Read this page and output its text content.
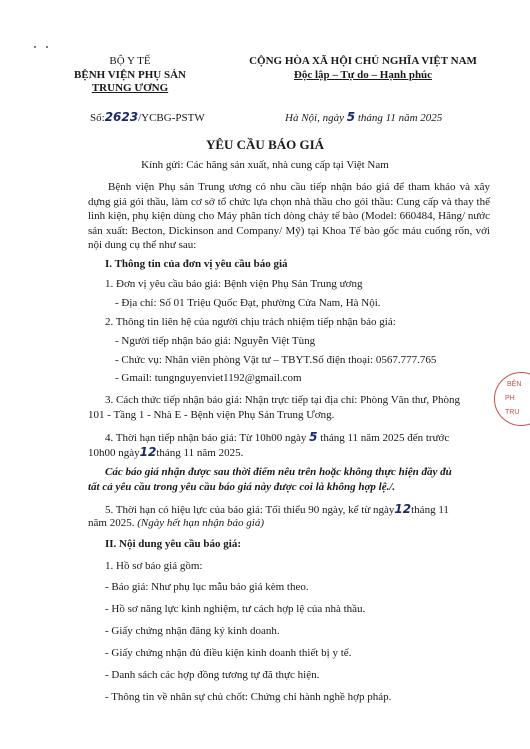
BỘ Y TẾ
BỆNH VIỆN PHỤ SẢN
TRUNG ƯƠNG
Số:2623/YCBG-PSTW
CỘNG HÒA XÃ HỘI CHỦ NGHĨA VIỆT NAM
Độc lập – Tự do – Hạnh phúc
Hà Nội, ngày 5 tháng 11 năm 2025
YÊU CẦU BÁO GIÁ
Kính gửi: Các hãng sản xuất, nhà cung cấp tại Việt Nam
Bệnh viện Phụ sản Trung ương có nhu cầu tiếp nhận báo giá để tham khảo và xây dựng giá gói thầu, làm cơ sở tổ chức lựa chọn nhà thầu cho gói thầu: Cung cấp và thay thế linh kiện, phụ kiện dùng cho Máy phân tích dòng chảy tế bào (Model: 660484, Hãng/ nước sản xuất: Becton, Dickinson and Company/ Mỹ) tại Khoa Tế bào gốc máu cuống rốn, với nội dung cụ thể như sau:
I. Thông tin của đơn vị yêu cầu báo giá
1. Đơn vị yêu cầu báo giá: Bệnh viện Phụ Sản Trung ương
- Địa chỉ: Số 01 Triệu Quốc Đạt, phường Cửa Nam, Hà Nội.
2. Thông tin liên hệ của người chịu trách nhiệm tiếp nhận báo giá:
- Người tiếp nhận báo giá: Nguyễn Việt Tùng
- Chức vụ: Nhân viên phòng Vật tư – TBYT.Số điện thoại: 0567.777.765
- Gmail: tungnguyenviet1192@gmail.com
3. Cách thức tiếp nhận báo giá: Nhận trực tiếp tại địa chỉ: Phòng Văn thư, Phòng
101 - Tầng 1 - Nhà E - Bệnh viện Phụ Sản Trung Ương.
4. Thời hạn tiếp nhận báo giá: Từ 10h00 ngày 5 tháng 11 năm 2025 đến trước
10h00 ngày12tháng 11 năm 2025.
Các báo giá nhận được sau thời điểm nêu trên hoặc không thực hiện đầy đủ
tất cả yêu cầu trong yêu cầu báo giá này được coi là không hợp lệ./.
5. Thời hạn có hiệu lực của báo giá: Tối thiểu 90 ngày, kể từ ngày12tháng 11
năm 2025. (Ngày hết hạn nhận báo giá)
II. Nội dung yêu cầu báo giá:
1. Hồ sơ báo giá gồm:
- Báo giá: Như phụ lục mẫu báo giá kèm theo.
- Hồ sơ năng lực kinh nghiệm, tư cách hợp lệ của nhà thầu.
- Giấy chứng nhận đăng ký kinh doanh.
- Giấy chứng nhận đủ điều kiện kinh doanh thiết bị y tế.
- Danh sách các hợp đồng tương tự đã thực hiện.
- Thông tin về nhân sự chủ chốt: Chứng chỉ hành nghề hợp pháp.
BỆN
PH
TRU
